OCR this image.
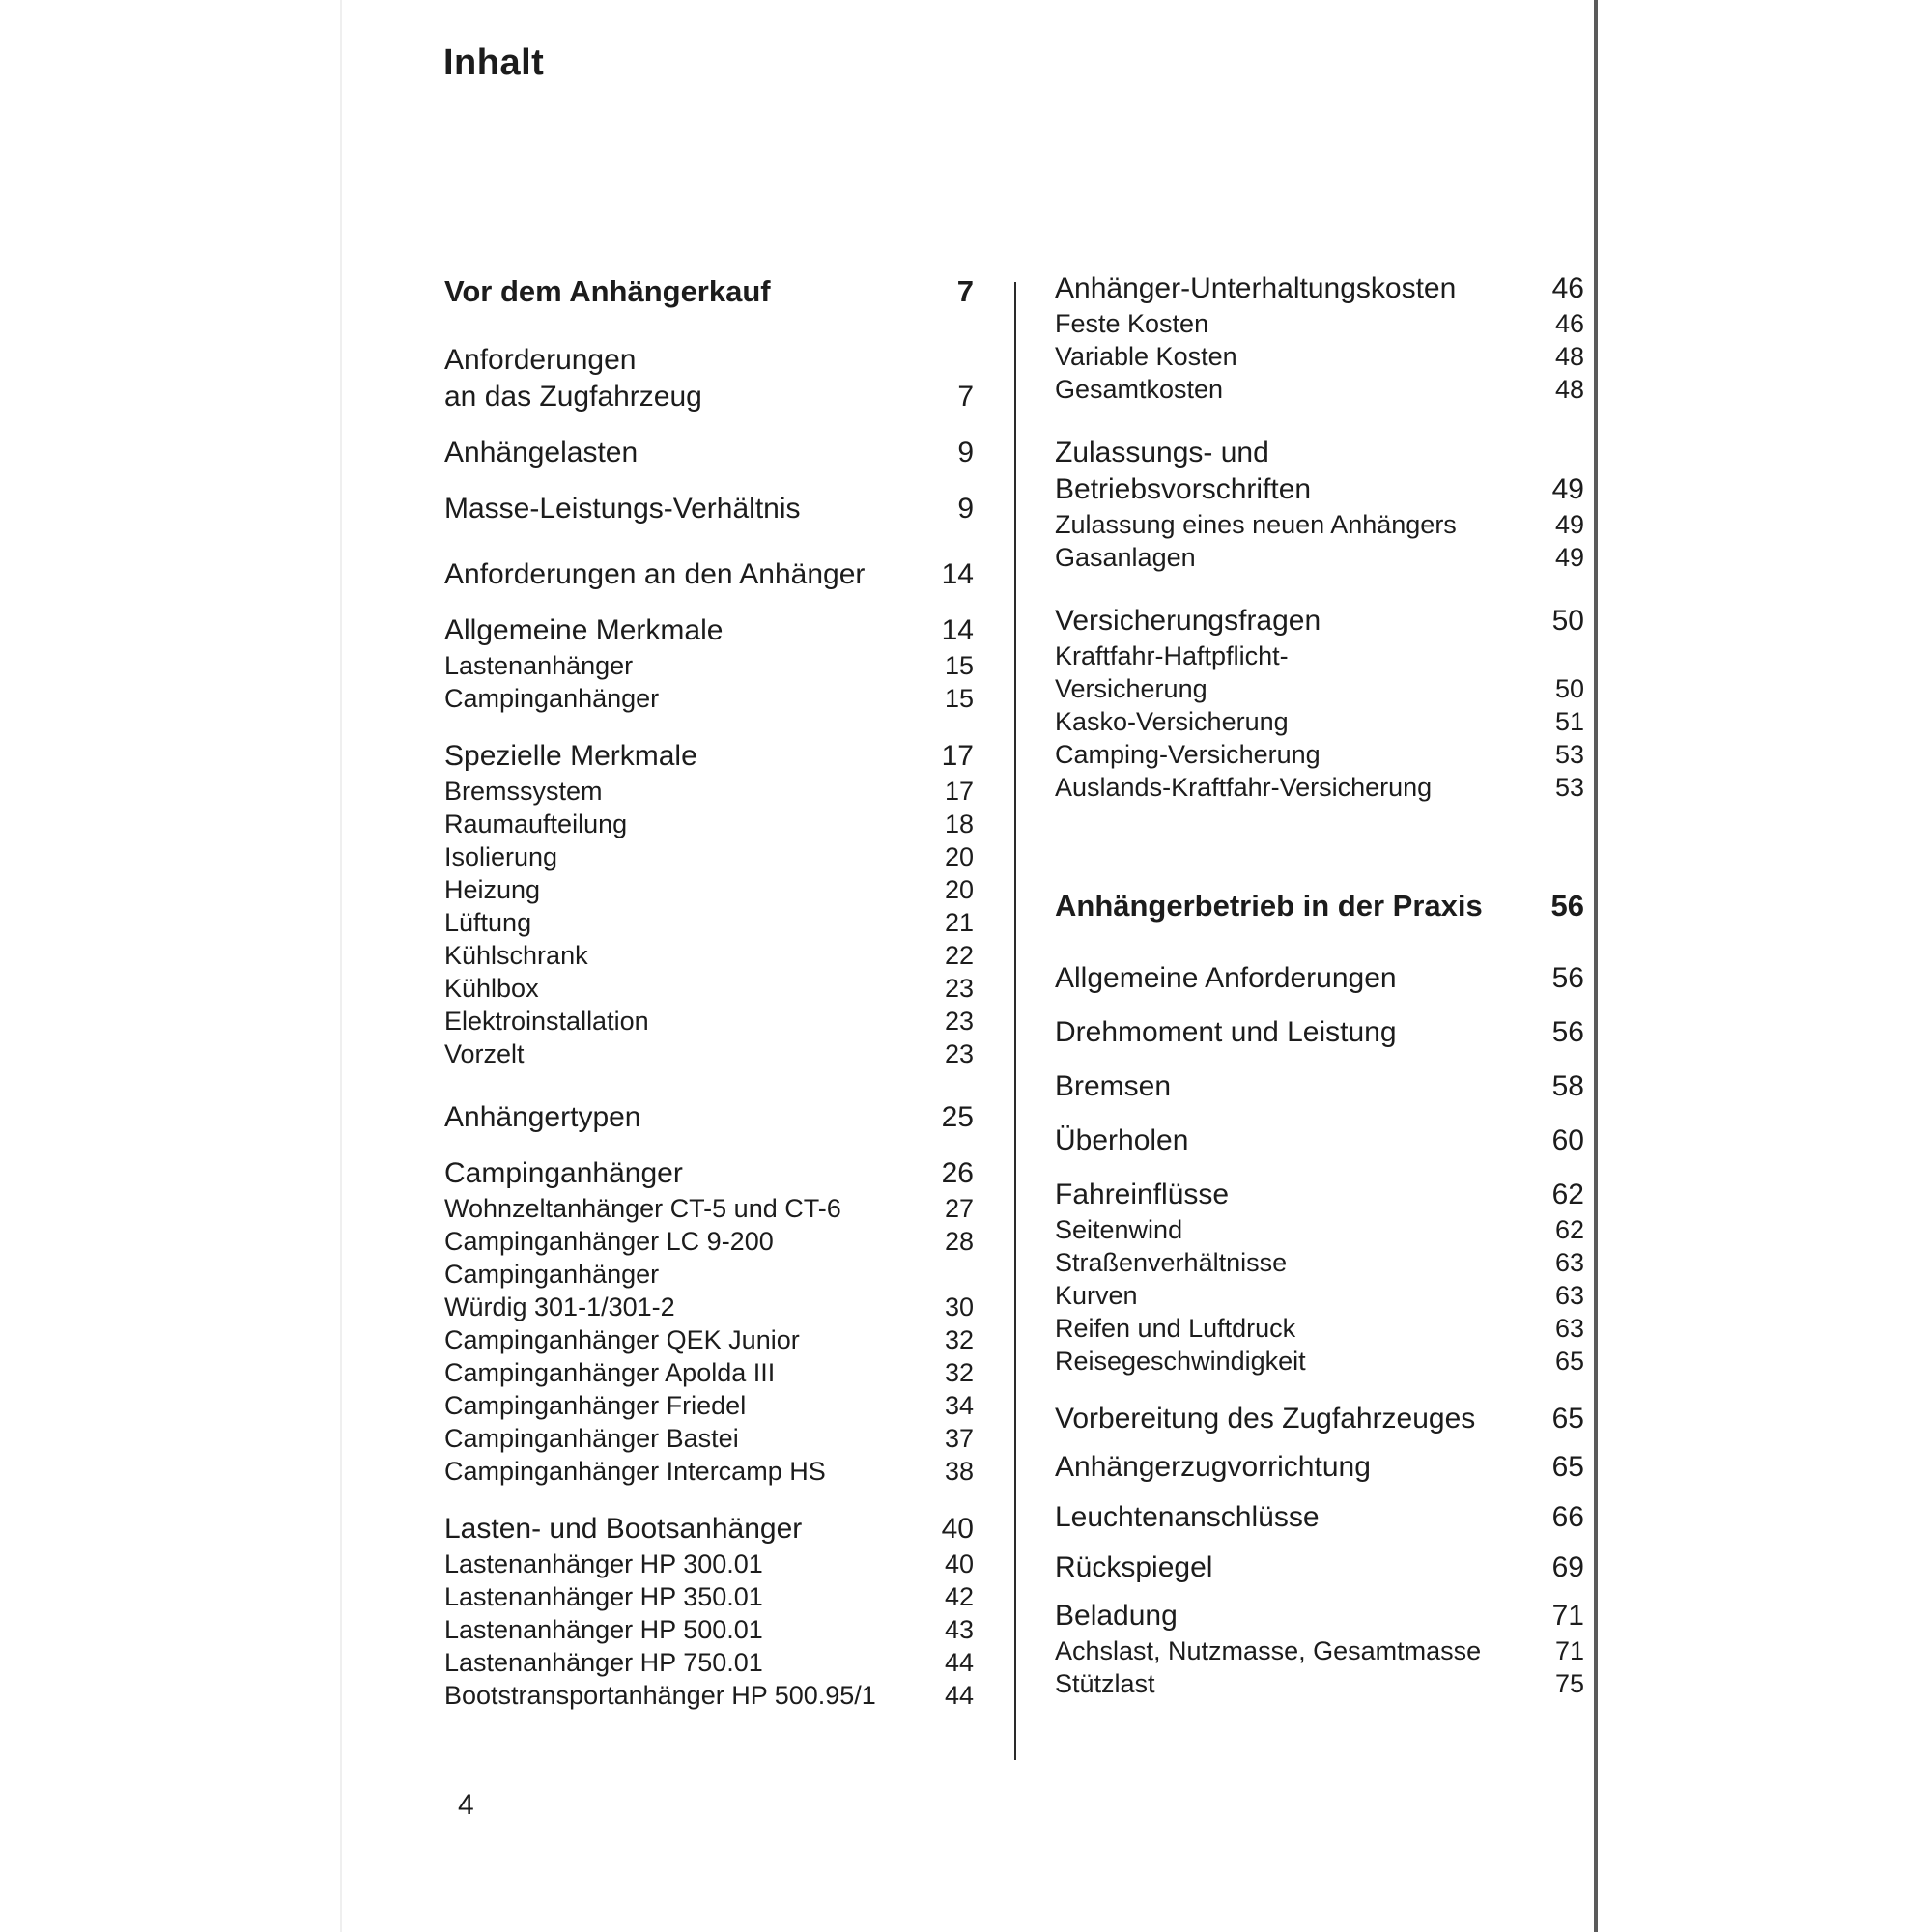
Inhalt
Vor dem Anhängerkauf	7
Anforderungen
an das Zugfahrzeug	7
Anhängelasten	9
Masse-Leistungs-Verhältnis	9
Anforderungen an den Anhänger	14
Allgemeine Merkmale	14
Lastenanhänger	15
Campinganhänger	15
Spezielle Merkmale	17
Bremssystem	17
Raumaufteilung	18
Isolierung	20
Heizung	20
Lüftung	21
Kühlschrank	22
Kühlbox	23
Elektroinstallation	23
Vorzelt	23
Anhängertypen	25
Campinganhänger	26
Wohnzeltanhänger CT-5 und CT-6	27
Campinganhänger LC 9-200	28
Campinganhänger
Würdig 301-1/301-2	30
Campinganhänger QEK Junior	32
Campinganhänger Apolda III	32
Campinganhänger Friedel	34
Campinganhänger Bastei	37
Campinganhänger Intercamp HS	38
Lasten- und Bootsanhänger	40
Lastenanhänger HP 300.01	40
Lastenanhänger HP 350.01	42
Lastenanhänger HP 500.01	43
Lastenanhänger HP 750.01	44
Bootstransportanhänger HP 500.95/1	44
Anhänger-Unterhaltungskosten	46
Feste Kosten	46
Variable Kosten	48
Gesamtkosten	48
Zulassungs- und
Betriebsvorschriften	49
Zulassung eines neuen Anhängers	49
Gasanlagen	49
Versicherungsfragen	50
Kraftfahr-Haftpflicht-
Versicherung	50
Kasko-Versicherung	51
Camping-Versicherung	53
Auslands-Kraftfahr-Versicherung	53
Anhängerbetrieb in der Praxis 56
Allgemeine Anforderungen	56
Drehmoment und Leistung	56
Bremsen	58
Überholen	60
Fahreinflüsse	62
Seitenwind	62
Straßenverhältnisse	63
Kurven	63
Reifen und Luftdruck	63
Reisegeschwindigkeit	65
Vorbereitung des Zugfahrzeuges	65
Anhängerzugvorrichtung	65
Leuchtenanschlüsse	66
Rückspiegel	69
Beladung	71
Achslast, Nutzmasse, Gesamtmasse	71
Stützlast	75
4
